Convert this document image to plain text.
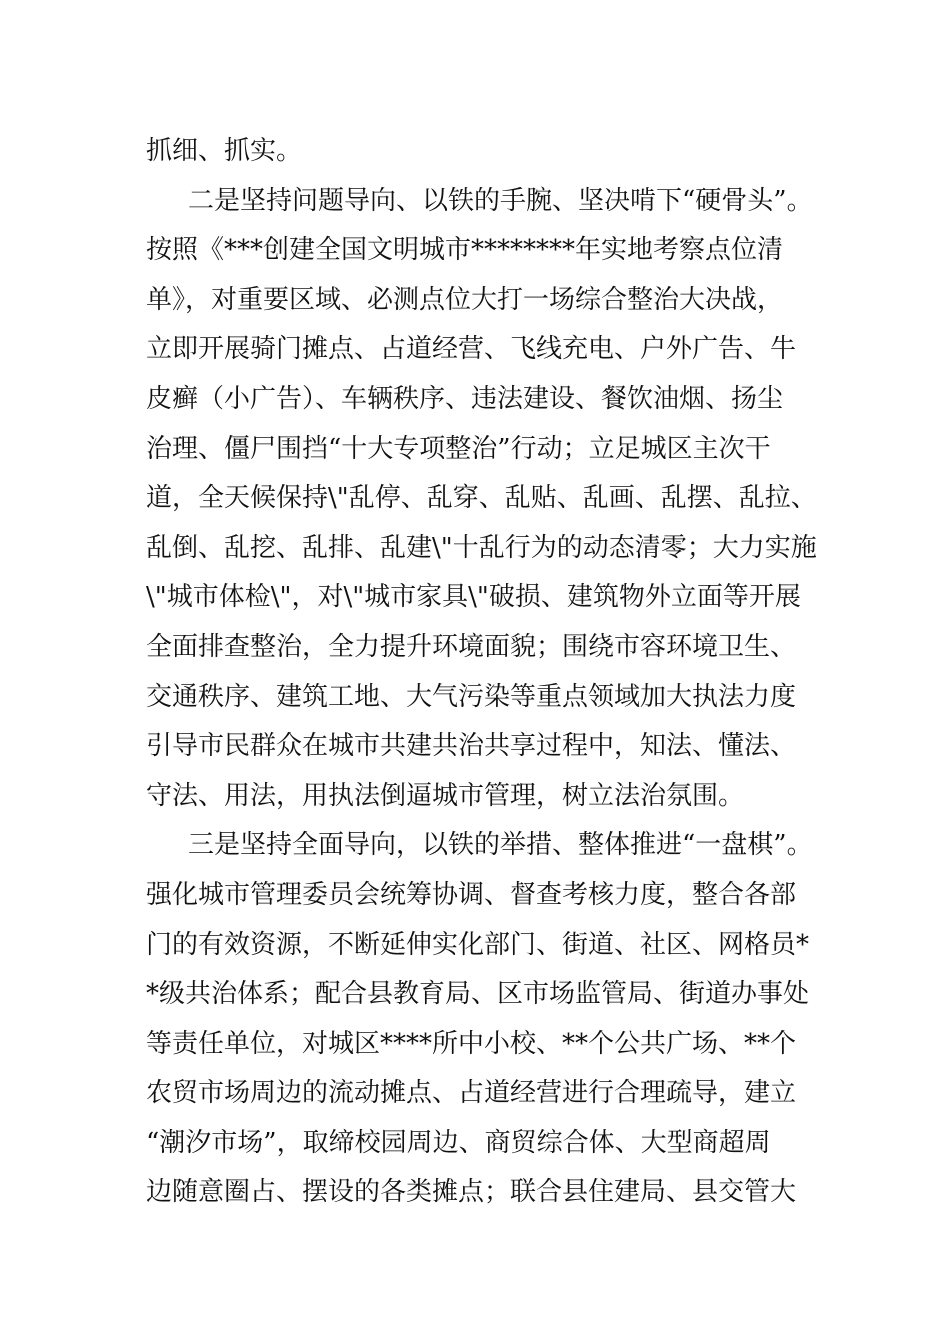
抓细、抓实。
二是坚持问题导向、以铁的手腕、坚决啃下“硬骨头”。
按照《***创建全国文明城市********年实地考察点位清
单》，对重要区域、必测点位大打一场综合整治大决战，
立即开展骑门摊点、占道经营、飞线充电、户外广告、牛
皮癣（小广告）、车辆秩序、违法建设、餐饮油烟、扬尘
治理、僵尸围挡“十大专项整治”行动；立足城区主次干
道，全天候保持\"乱停、乱穿、乱贴、乱画、乱摆、乱拉、
乱倒、乱挖、乱排、乱建\"十乱行为的动态清零；大力实施
\"城市体检\"，对\"城市家具\"破损、建筑物外立面等开展
全面排查整治，全力提升环境面貌；围绕市容环境卫生、
交通秩序、建筑工地、大气污染等重点领域加大执法力度
引导市民群众在城市共建共治共享过程中，知法、懂法、
守法、用法，用执法倒逼城市管理，树立法治氛围。
三是坚持全面导向，以铁的举措、整体推进“一盘棋”。
强化城市管理委员会统筹协调、督查考核力度，整合各部
门的有效资源，不断延伸实化部门、街道、社区、网格员*
*级共治体系；配合县教育局、区市场监管局、街道办事处
等责任单位，对城区****所中小校、**个公共广场、**个
农贸市场周边的流动摊点、占道经营进行合理疏导，建立
“潮汐市场”，取缔校园周边、商贸综合体、大型商超周
边随意圈占、摆设的各类摊点；联合县住建局、县交管大
